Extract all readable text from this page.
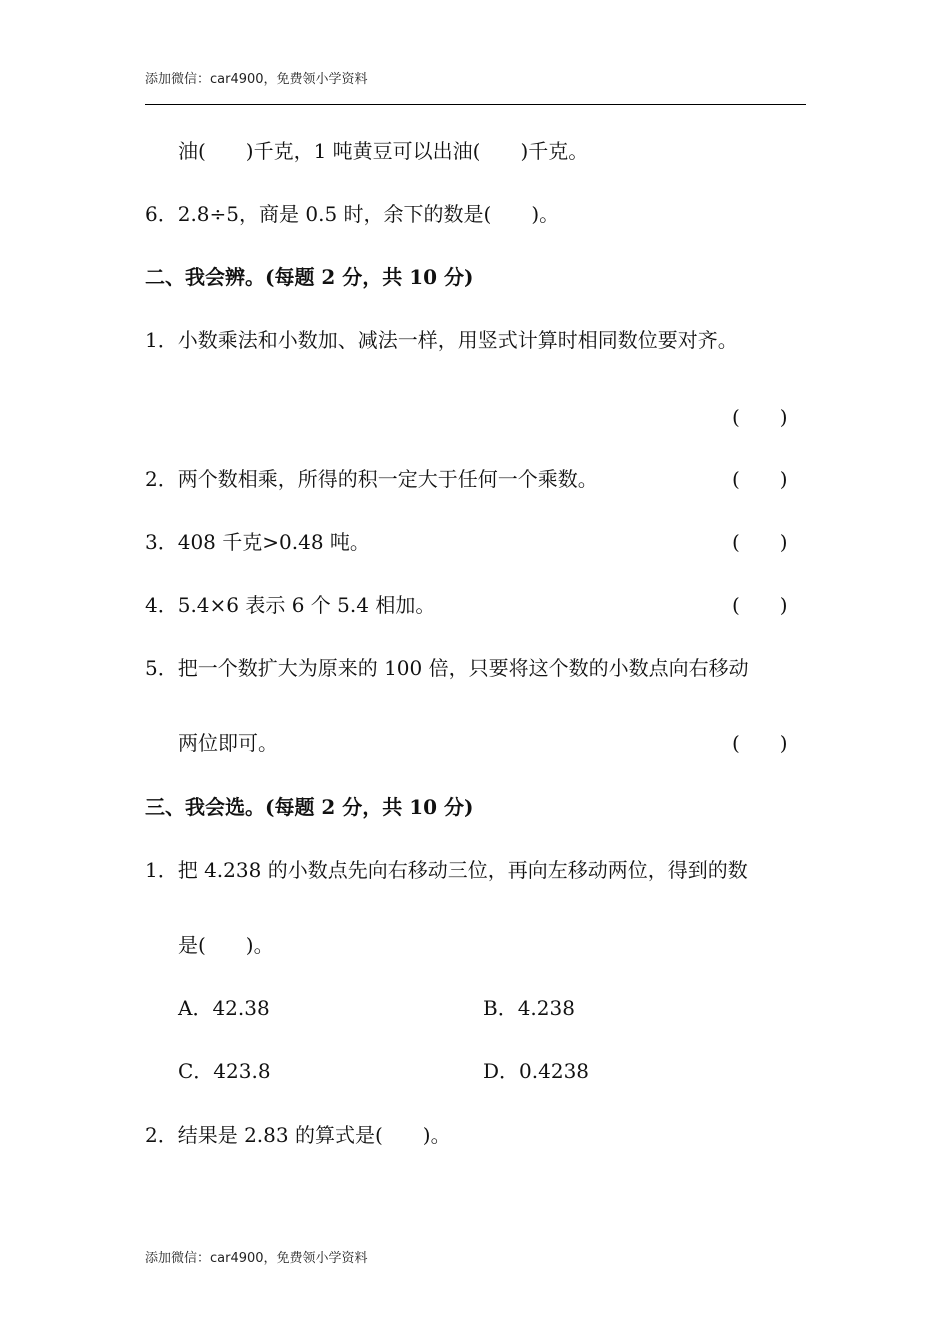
添加微信：car4900，免费领小学资料
油(　　)千克，1 吨黄豆可以出油(　　)千克。
6．2.8÷5，商是 0.5 时，余下的数是(　　)。
二、我会辨。(每题 2 分，共 10 分)
1．小数乘法和小数加、减法一样，用竖式计算时相同数位要对齐。
(　　)
2．两个数相乘，所得的积一定大于任何一个乘数。	(　　)
3．408 千克>0.48 吨。	(　　)
4．5.4×6 表示 6 个 5.4 相加。	(　　)
5．把一个数扩大为原来的 100 倍，只要将这个数的小数点向右移动
两位即可。	(　　)
三、我会选。(每题 2 分，共 10 分)
1．把 4.238 的小数点先向右移动三位，再向左移动两位，得到的数
是(　　)。
A．42.38	B．4.238
C．423.8	D．0.4238
2．结果是 2.83 的算式是(　　)。
添加微信：car4900，免费领小学资料
